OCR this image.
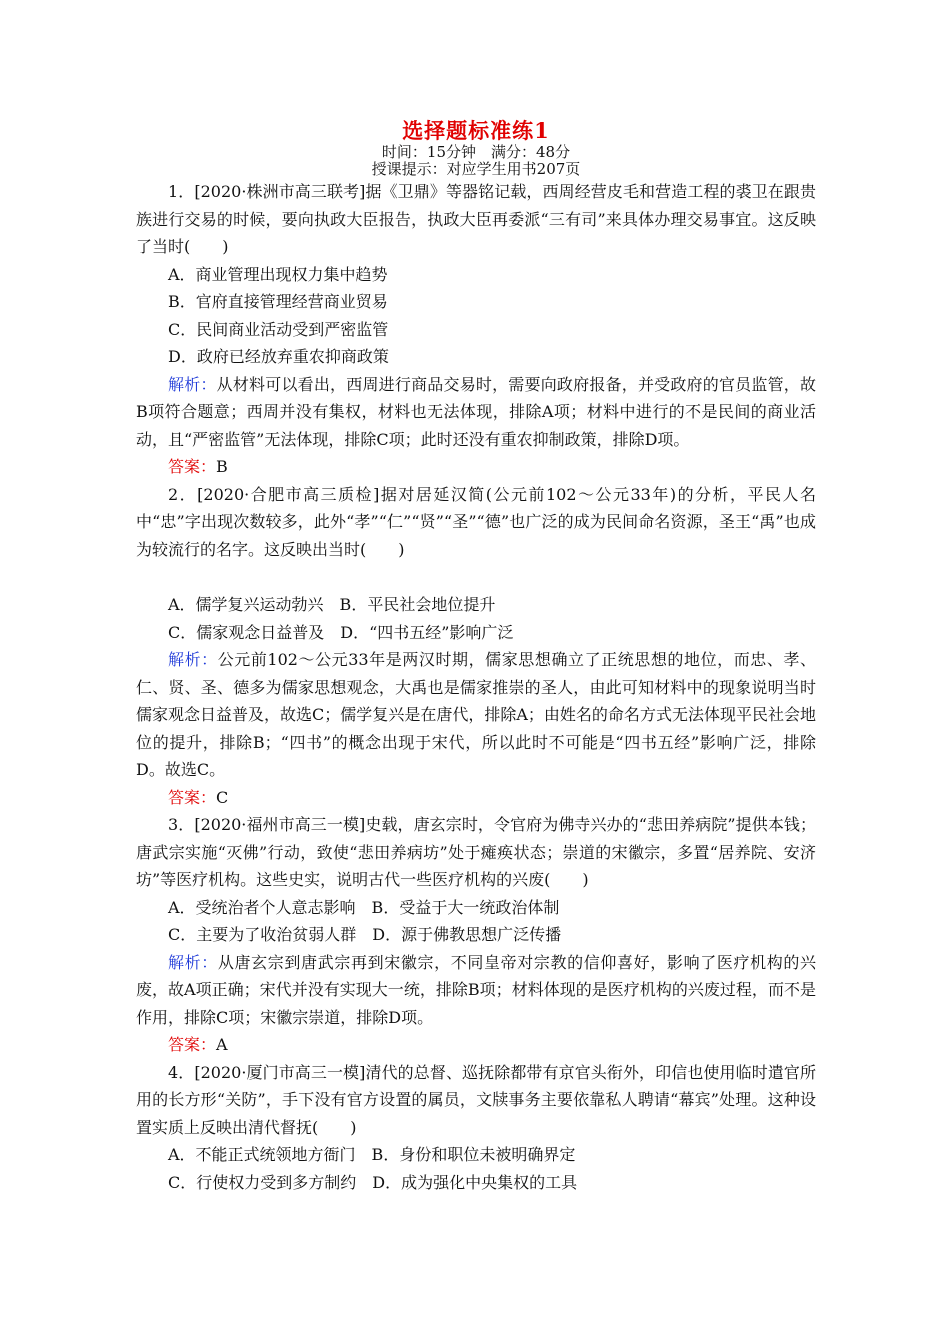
选择题标准练1

时间：15分钟　满分：48分

授课提示：对应学生用书207页

1．[2020·株洲市高三联考]据《卫鼎》等器铭记载，西周经营皮毛和营造工程的裘卫在跟贵族进行交易的时候，要向执政大臣报告，执政大臣再委派“三有司”来具体办理交易事宜。这反映了当时(　　)

A．商业管理出现权力集中趋势

B．官府直接管理经营商业贸易

C．民间商业活动受到严密监管

D．政府已经放弃重农抑商政策

解析：从材料可以看出，西周进行商品交易时，需要向政府报备，并受政府的官员监管，故B项符合题意；西周并没有集权，材料也无法体现，排除A项；材料中进行的不是民间的商业活动，且“严密监管”无法体现，排除C项；此时还没有重农抑制政策，排除D项。

答案：B

2．[2020·合肥市高三质检]据对居延汉简(公元前102～公元33年)的分析，平民人名中“忠”字出现次数较多，此外“孝”“仁”“贤”“圣”“德”也广泛的成为民间命名资源，圣王“禹”也成为较流行的名字。这反映出当时(　　)

A．儒学复兴运动勃兴　B．平民社会地位提升

C．儒家观念日益普及　D．“四书五经”影响广泛

解析：公元前102～公元33年是两汉时期，儒家思想确立了正统思想的地位，而忠、孝、仁、贤、圣、德多为儒家思想观念，大禹也是儒家推崇的圣人，由此可知材料中的现象说明当时儒家观念日益普及，故选C；儒学复兴是在唐代，排除A；由姓名的命名方式无法体现平民社会地位的提升，排除B；“四书”的概念出现于宋代，所以此时不可能是“四书五经”影响广泛，排除D。故选C。

答案：C

3．[2020·福州市高三一模]史载，唐玄宗时，令官府为佛寺兴办的“悲田养病院”提供本钱；唐武宗实施“灭佛”行动，致使“悲田养病坊”处于瘫痪状态；崇道的宋徽宗，多置“居养院、安济坊”等医疗机构。这些史实，说明古代一些医疗机构的兴废(　　)

A．受统治者个人意志影响　B．受益于大一统政治体制

C．主要为了收治贫弱人群　D．源于佛教思想广泛传播

解析：从唐玄宗到唐武宗再到宋徽宗，不同皇帝对宗教的信仰喜好，影响了医疗机构的兴废，故A项正确；宋代并没有实现大一统，排除B项；材料体现的是医疗机构的兴废过程，而不是作用，排除C项；宋徽宗崇道，排除D项。

答案：A

4．[2020·厦门市高三一模]清代的总督、巡抚除都带有京官头衔外，印信也使用临时遣官所用的长方形“关防”，手下没有官方设置的属员，文牍事务主要依靠私人聘请“幕宾”处理。这种设置实质上反映出清代督抚(　　)

A．不能正式统领地方衙门　B．身份和职位未被明确界定

C．行使权力受到多方制约　D．成为强化中央集权的工具
